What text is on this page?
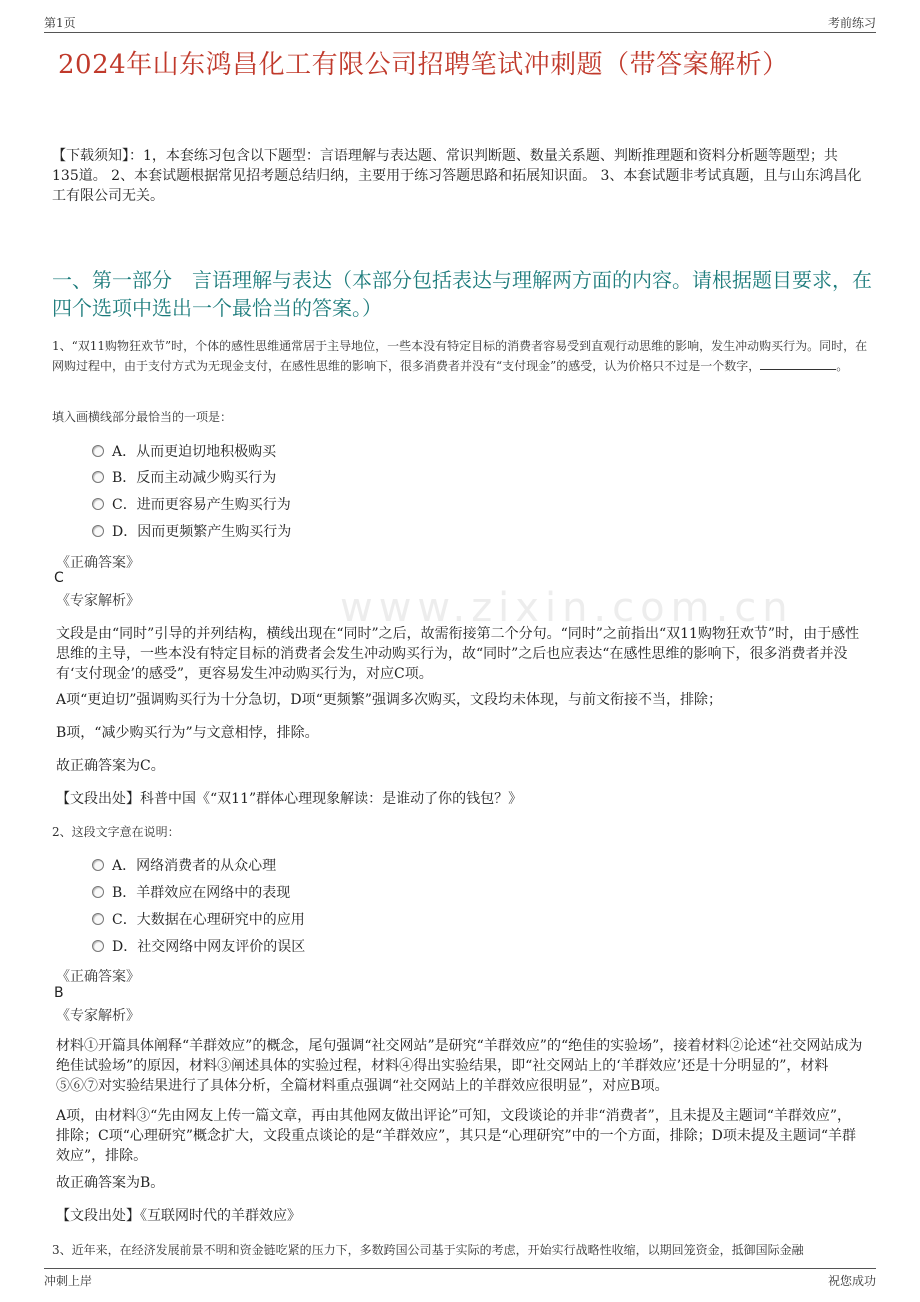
第1页	考前练习
www.zixin.com.cn
2024年山东鸿昌化工有限公司招聘笔试冲刺题（带答案解析）
【下载须知】：1，本套练习包含以下题型：言语理解与表达题、常识判断题、数量关系题、判断推理题和资料分析题等题型；共135道。 2、本套试题根据常见招考题总结归纳，主要用于练习答题思路和拓展知识面。 3、本套试题非考试真题，且与山东鸿昌化工有限公司无关。
一、第一部分　言语理解与表达（本部分包括表达与理解两方面的内容。请根据题目要求，在四个选项中选出一个最恰当的答案。）
1、“双11购物狂欢节”时，个体的感性思维通常居于主导地位，一些本没有特定目标的消费者容易受到直观行动思维的影响，发生冲动购买行为。同时，在网购过程中，由于支付方式为无现金支付，在感性思维的影响下，很多消费者并没有“支付现金”的感受，认为价格只不过是一个数字，	。
填入画横线部分最恰当的一项是：
A．从而更迫切地积极购买
B．反而主动减少购买行为
C．进而更容易产生购买行为
D．因而更频繁产生购买行为
《正确答案》
C
《专家解析》
文段是由“同时”引导的并列结构，横线出现在“同时”之后，故需衔接第二个分句。“同时”之前指出“双11购物狂欢节”时，由于感性思维的主导，一些本没有特定目标的消费者会发生冲动购买行为，故“同时”之后也应表达“在感性思维的影响下，很多消费者并没有‘支付现金’的感受”，更容易发生冲动购买行为，对应C项。
A项“更迫切”强调购买行为十分急切，D项“更频繁”强调多次购买，文段均未体现，与前文衔接不当，排除；
B项，“减少购买行为”与文意相悖，排除。
故正确答案为C。
【文段出处】科普中国《“双11”群体心理现象解读：是谁动了你的钱包？》
2、这段文字意在说明：
A．网络消费者的从众心理
B．羊群效应在网络中的表现
C．大数据在心理研究中的应用
D．社交网络中网友评价的误区
《正确答案》
B
《专家解析》
材料①开篇具体阐释“羊群效应”的概念，尾句强调“社交网站”是研究“羊群效应”的“绝佳的实验场”，接着材料②论述“社交网站成为绝佳试验场”的原因，材料③阐述具体的实验过程，材料④得出实验结果，即“社交网站上的‘羊群效应’还是十分明显的”，材料⑤⑥⑦对实验结果进行了具体分析，全篇材料重点强调“社交网站上的羊群效应很明显”，对应B项。
A项，由材料③“先由网友上传一篇文章，再由其他网友做出评论”可知，文段谈论的并非“消费者”，且未提及主题词“羊群效应”，排除；C项“心理研究”概念扩大，文段重点谈论的是“羊群效应”，其只是“心理研究”中的一个方面，排除；D项未提及主题词“羊群效应”，排除。
故正确答案为B。
【文段出处】《互联网时代的羊群效应》
3、近年来，在经济发展前景不明和资金链吃紧的压力下，多数跨国公司基于实际的考虑，开始实行战略性收缩，以期回笼资金，抵御国际金融
冲刺上岸	祝您成功
